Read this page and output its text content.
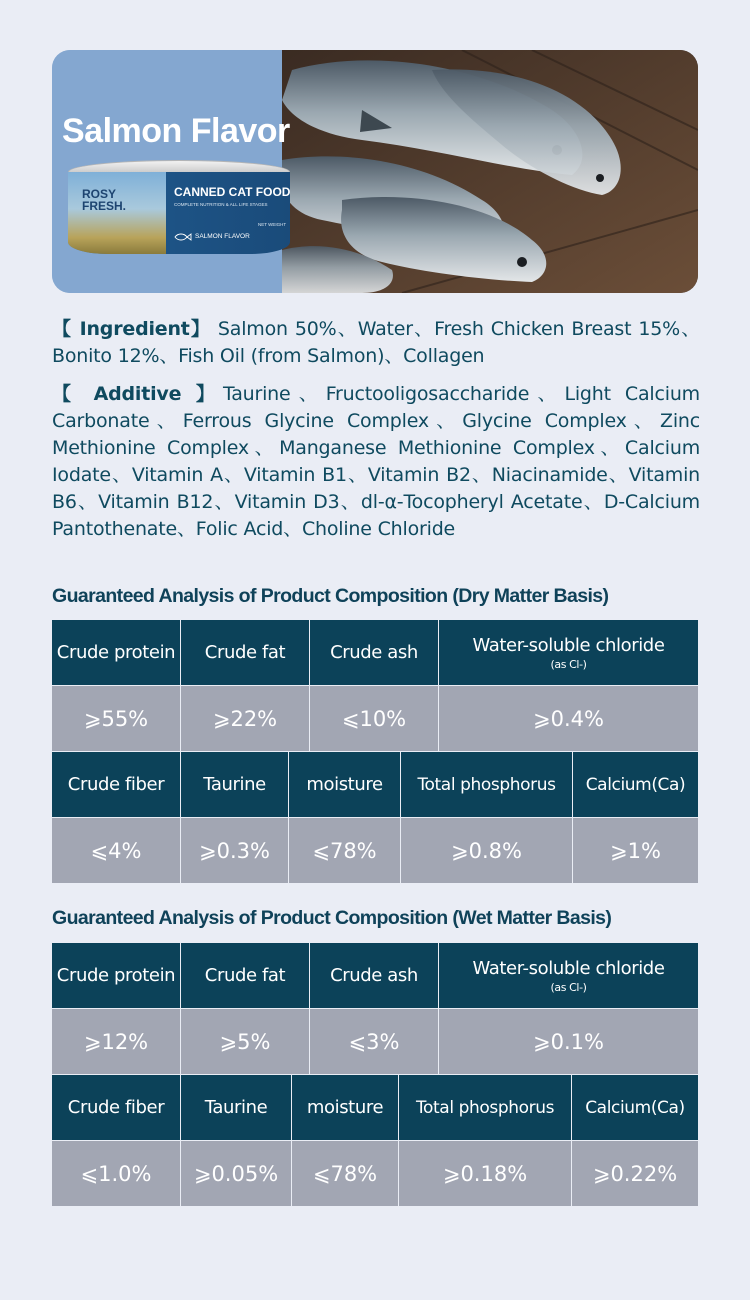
Salmon Flavor
ROSY
FRESH.
CANNED CAT FOOD
COMPLETE NUTRITION & ALL LIFE STAGES
NET WEIGHT
SALMON FLAVOR

【 Ingredient】 Salmon 50%、Water、Fresh Chicken Breast 15%、Bonito 12%、Fish Oil (from Salmon)、Collagen

【 Additive 】Taurine、Fructooligosaccharide、Light Calcium Carbonate、Ferrous Glycine Complex、Glycine Complex、Zinc Methionine Complex、Manganese Methionine Complex、Calcium Iodate、Vitamin A、Vitamin B1、Vitamin B2、Niacinamide、Vitamin B6、Vitamin B12、Vitamin D3、dl-α-Tocopheryl Acetate、D-Calcium Pantothenate、Folic Acid、Choline Chloride

Guaranteed Analysis of Product Composition (Dry Matter Basis)
Crude protein	Crude fat	Crude ash	Water-soluble chloride
(as Cl-)
⩾55%	⩾22%	⩽10%	⩾0.4%
Crude fiber	Taurine	moisture	Total phosphorus	Calcium(Ca)
⩽4%	⩾0.3%	⩽78%	⩾0.8%	⩾1%
Guaranteed Analysis of Product Composition (Wet Matter Basis)
Crude protein	Crude fat	Crude ash	Water-soluble chloride
(as Cl-)
⩾12%	⩾5%	⩽3%	⩾0.1%
Crude fiber	Taurine	moisture	Total phosphorus	Calcium(Ca)
⩽1.0%	⩾0.05%	⩽78%	⩾0.18%	⩾0.22%
